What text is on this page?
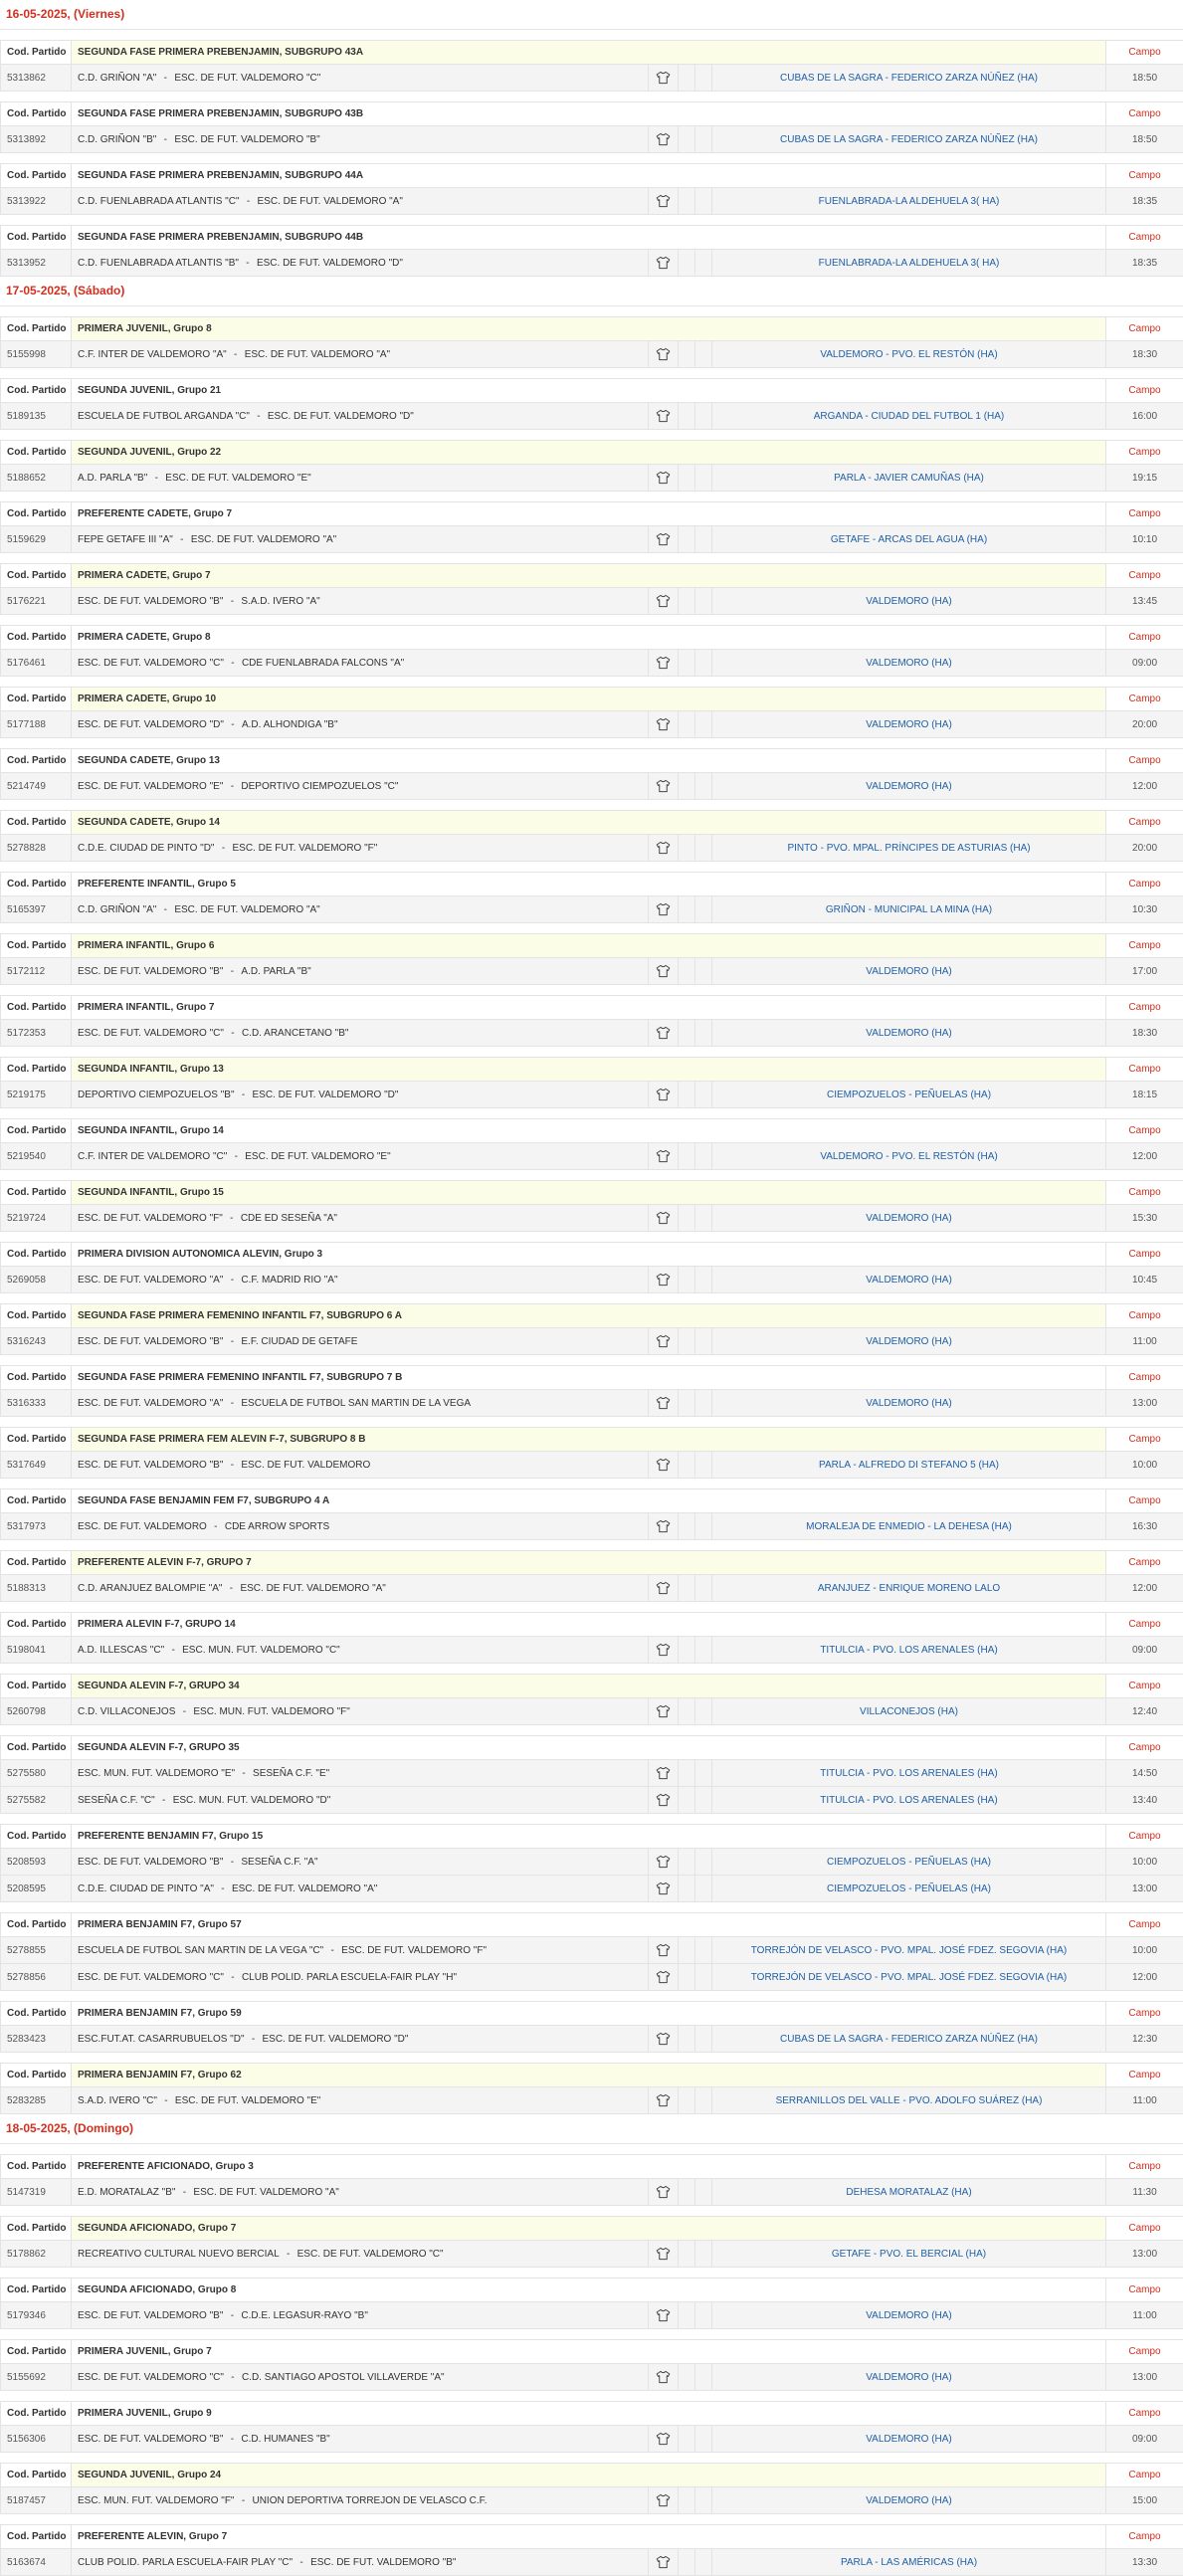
16-05-2025, (Viernes)
Cod. Partido	SEGUNDA FASE PRIMERA PREBENJAMIN, SUBGRUPO 43A					Campo	
5313862	C.D. GRIÑON "A" - ESC. DE FUT. VALDEMORO "C"				CUBAS DE LA SAGRA - FEDERICO ZARZA NÚÑEZ (HA)	18:50	
Cod. Partido	SEGUNDA FASE PRIMERA PREBENJAMIN, SUBGRUPO 43B					Campo	
5313892	C.D. GRIÑON "B" - ESC. DE FUT. VALDEMORO "B"				CUBAS DE LA SAGRA - FEDERICO ZARZA NÚÑEZ (HA)	18:50	
Cod. Partido	SEGUNDA FASE PRIMERA PREBENJAMIN, SUBGRUPO 44A					Campo	
5313922	C.D. FUENLABRADA ATLANTIS "C" - ESC. DE FUT. VALDEMORO "A"				FUENLABRADA-LA ALDEHUELA 3( HA)	18:35	
Cod. Partido	SEGUNDA FASE PRIMERA PREBENJAMIN, SUBGRUPO 44B					Campo	
5313952	C.D. FUENLABRADA ATLANTIS "B" - ESC. DE FUT. VALDEMORO "D"				FUENLABRADA-LA ALDEHUELA 3( HA)	18:35	
17-05-2025, (Sábado)
Cod. Partido	PRIMERA JUVENIL, Grupo 8					Campo	
5155998	C.F. INTER DE VALDEMORO "A" - ESC. DE FUT. VALDEMORO "A"				VALDEMORO - PVO. EL RESTÓN (HA)	18:30	
Cod. Partido	SEGUNDA JUVENIL, Grupo 21					Campo	
5189135	ESCUELA DE FUTBOL ARGANDA "C" - ESC. DE FUT. VALDEMORO "D"				ARGANDA - CIUDAD DEL FUTBOL 1 (HA)	16:00	
Cod. Partido	SEGUNDA JUVENIL, Grupo 22					Campo	
5188652	A.D. PARLA "B" - ESC. DE FUT. VALDEMORO "E"				PARLA - JAVIER CAMUÑAS (HA)	19:15	
Cod. Partido	PREFERENTE CADETE, Grupo 7					Campo	
5159629	FEPE GETAFE III "A" - ESC. DE FUT. VALDEMORO "A"				GETAFE - ARCAS DEL AGUA (HA)	10:10	
Cod. Partido	PRIMERA CADETE, Grupo 7					Campo	
5176221	ESC. DE FUT. VALDEMORO "B" - S.A.D. IVERO "A"				VALDEMORO (HA)	13:45	
Cod. Partido	PRIMERA CADETE, Grupo 8					Campo	
5176461	ESC. DE FUT. VALDEMORO "C" - CDE FUENLABRADA FALCONS "A"				VALDEMORO (HA)	09:00	
Cod. Partido	PRIMERA CADETE, Grupo 10					Campo	
5177188	ESC. DE FUT. VALDEMORO "D" - A.D. ALHONDIGA "B"				VALDEMORO (HA)	20:00	
Cod. Partido	SEGUNDA CADETE, Grupo 13					Campo	
5214749	ESC. DE FUT. VALDEMORO "E" - DEPORTIVO CIEMPOZUELOS "C"				VALDEMORO (HA)	12:00	
Cod. Partido	SEGUNDA CADETE, Grupo 14					Campo	
5278828	C.D.E. CIUDAD DE PINTO "D" - ESC. DE FUT. VALDEMORO "F"				PINTO - PVO. MPAL. PRÍNCIPES DE ASTURIAS (HA)	20:00	
Cod. Partido	PREFERENTE INFANTIL, Grupo 5					Campo	
5165397	C.D. GRIÑON "A" - ESC. DE FUT. VALDEMORO "A"				GRIÑON - MUNICIPAL LA MINA (HA)	10:30	
Cod. Partido	PRIMERA INFANTIL, Grupo 6					Campo	
5172112	ESC. DE FUT. VALDEMORO "B" - A.D. PARLA "B"				VALDEMORO (HA)	17:00	
Cod. Partido	PRIMERA INFANTIL, Grupo 7					Campo	
5172353	ESC. DE FUT. VALDEMORO "C" - C.D. ARANCETANO "B"				VALDEMORO (HA)	18:30	
Cod. Partido	SEGUNDA INFANTIL, Grupo 13					Campo	
5219175	DEPORTIVO CIEMPOZUELOS "B" - ESC. DE FUT. VALDEMORO "D"				CIEMPOZUELOS - PEÑUELAS (HA)	18:15	
Cod. Partido	SEGUNDA INFANTIL, Grupo 14					Campo	
5219540	C.F. INTER DE VALDEMORO "C" - ESC. DE FUT. VALDEMORO "E"				VALDEMORO - PVO. EL RESTÓN (HA)	12:00	
Cod. Partido	SEGUNDA INFANTIL, Grupo 15					Campo	
5219724	ESC. DE FUT. VALDEMORO "F" - CDE ED SESEÑA "A"				VALDEMORO (HA)	15:30	
Cod. Partido	PRIMERA DIVISION AUTONOMICA ALEVIN, Grupo 3					Campo	
5269058	ESC. DE FUT. VALDEMORO "A" - C.F. MADRID RIO "A"				VALDEMORO (HA)	10:45	
Cod. Partido	SEGUNDA FASE PRIMERA FEMENINO INFANTIL F7, SUBGRUPO 6 A					Campo	
5316243	ESC. DE FUT. VALDEMORO "B" - E.F. CIUDAD DE GETAFE				VALDEMORO (HA)	11:00	
Cod. Partido	SEGUNDA FASE PRIMERA FEMENINO INFANTIL F7, SUBGRUPO 7 B					Campo	
5316333	ESC. DE FUT. VALDEMORO "A" - ESCUELA DE FUTBOL SAN MARTIN DE LA VEGA				VALDEMORO (HA)	13:00	
Cod. Partido	SEGUNDA FASE PRIMERA FEM ALEVIN F-7, SUBGRUPO 8 B					Campo	
5317649	ESC. DE FUT. VALDEMORO "B" - ESC. DE FUT. VALDEMORO				PARLA - ALFREDO DI STEFANO 5 (HA)	10:00	
Cod. Partido	SEGUNDA FASE BENJAMIN FEM F7, SUBGRUPO 4 A					Campo	
5317973	ESC. DE FUT. VALDEMORO - CDE ARROW SPORTS				MORALEJA DE ENMEDIO - LA DEHESA (HA)	16:30	
Cod. Partido	PREFERENTE ALEVIN F-7, GRUPO 7					Campo	
5188313	C.D. ARANJUEZ BALOMPIE "A" - ESC. DE FUT. VALDEMORO "A"				ARANJUEZ - ENRIQUE MORENO LALO	12:00	
Cod. Partido	PRIMERA ALEVIN F-7, GRUPO 14					Campo	
5198041	A.D. ILLESCAS "C" - ESC. MUN. FUT. VALDEMORO "C"				TITULCIA - PVO. LOS ARENALES (HA)	09:00	
Cod. Partido	SEGUNDA ALEVIN F-7, GRUPO 34					Campo	
5260798	C.D. VILLACONEJOS - ESC. MUN. FUT. VALDEMORO "F"				VILLACONEJOS (HA)	12:40	
Cod. Partido	SEGUNDA ALEVIN F-7, GRUPO 35					Campo	
5275580	ESC. MUN. FUT. VALDEMORO "E" - SESEÑA C.F. "E"				TITULCIA - PVO. LOS ARENALES (HA)	14:50	
5275582	SESEÑA C.F. "C" - ESC. MUN. FUT. VALDEMORO "D"				TITULCIA - PVO. LOS ARENALES (HA)	13:40	
Cod. Partido	PREFERENTE BENJAMIN F7, Grupo 15					Campo	
5208593	ESC. DE FUT. VALDEMORO "B" - SESEÑA C.F. "A"				CIEMPOZUELOS - PEÑUELAS (HA)	10:00	
5208595	C.D.E. CIUDAD DE PINTO "A" - ESC. DE FUT. VALDEMORO "A"				CIEMPOZUELOS - PEÑUELAS (HA)	13:00	
Cod. Partido	PRIMERA BENJAMIN F7, Grupo 57					Campo	
5278855	ESCUELA DE FUTBOL SAN MARTIN DE LA VEGA "C" - ESC. DE FUT. VALDEMORO "F"				TORREJÓN DE VELASCO - PVO. MPAL. JOSÉ FDEZ. SEGOVIA (HA)	10:00	
5278856	ESC. DE FUT. VALDEMORO "C" - CLUB POLID. PARLA ESCUELA-FAIR PLAY "H"				TORREJÓN DE VELASCO - PVO. MPAL. JOSÉ FDEZ. SEGOVIA (HA)	12:00	
Cod. Partido	PRIMERA BENJAMIN F7, Grupo 59					Campo	
5283423	ESC.FUT.AT. CASARRUBUELOS "D" - ESC. DE FUT. VALDEMORO "D"				CUBAS DE LA SAGRA - FEDERICO ZARZA NÚÑEZ (HA)	12:30	
Cod. Partido	PRIMERA BENJAMIN F7, Grupo 62					Campo	
5283285	S.A.D. IVERO "C" - ESC. DE FUT. VALDEMORO "E"				SERRANILLOS DEL VALLE - PVO. ADOLFO SUÁREZ (HA)	11:00	
18-05-2025, (Domingo)
Cod. Partido	PREFERENTE AFICIONADO, Grupo 3					Campo	
5147319	E.D. MORATALAZ "B" - ESC. DE FUT. VALDEMORO "A"				DEHESA MORATALAZ (HA)	11:30	
Cod. Partido	SEGUNDA AFICIONADO, Grupo 7					Campo	
5178862	RECREATIVO CULTURAL NUEVO BERCIAL - ESC. DE FUT. VALDEMORO "C"				GETAFE - PVO. EL BERCIAL (HA)	13:00	
Cod. Partido	SEGUNDA AFICIONADO, Grupo 8					Campo	
5179346	ESC. DE FUT. VALDEMORO "B" - C.D.E. LEGASUR-RAYO "B"				VALDEMORO (HA)	11:00	
Cod. Partido	PRIMERA JUVENIL, Grupo 7					Campo	
5155692	ESC. DE FUT. VALDEMORO "C" - C.D. SANTIAGO APOSTOL VILLAVERDE "A"				VALDEMORO (HA)	13:00	
Cod. Partido	PRIMERA JUVENIL, Grupo 9					Campo	
5156306	ESC. DE FUT. VALDEMORO "B" - C.D. HUMANES "B"				VALDEMORO (HA)	09:00	
Cod. Partido	SEGUNDA JUVENIL, Grupo 24					Campo	
5187457	ESC. MUN. FUT. VALDEMORO "F" - UNION DEPORTIVA TORREJON DE VELASCO C.F.				VALDEMORO (HA)	15:00	
Cod. Partido	PREFERENTE ALEVIN, Grupo 7					Campo	
5163674	CLUB POLID. PARLA ESCUELA-FAIR PLAY "C" - ESC. DE FUT. VALDEMORO "B"				PARLA - LAS AMÉRICAS (HA)	13:30	
